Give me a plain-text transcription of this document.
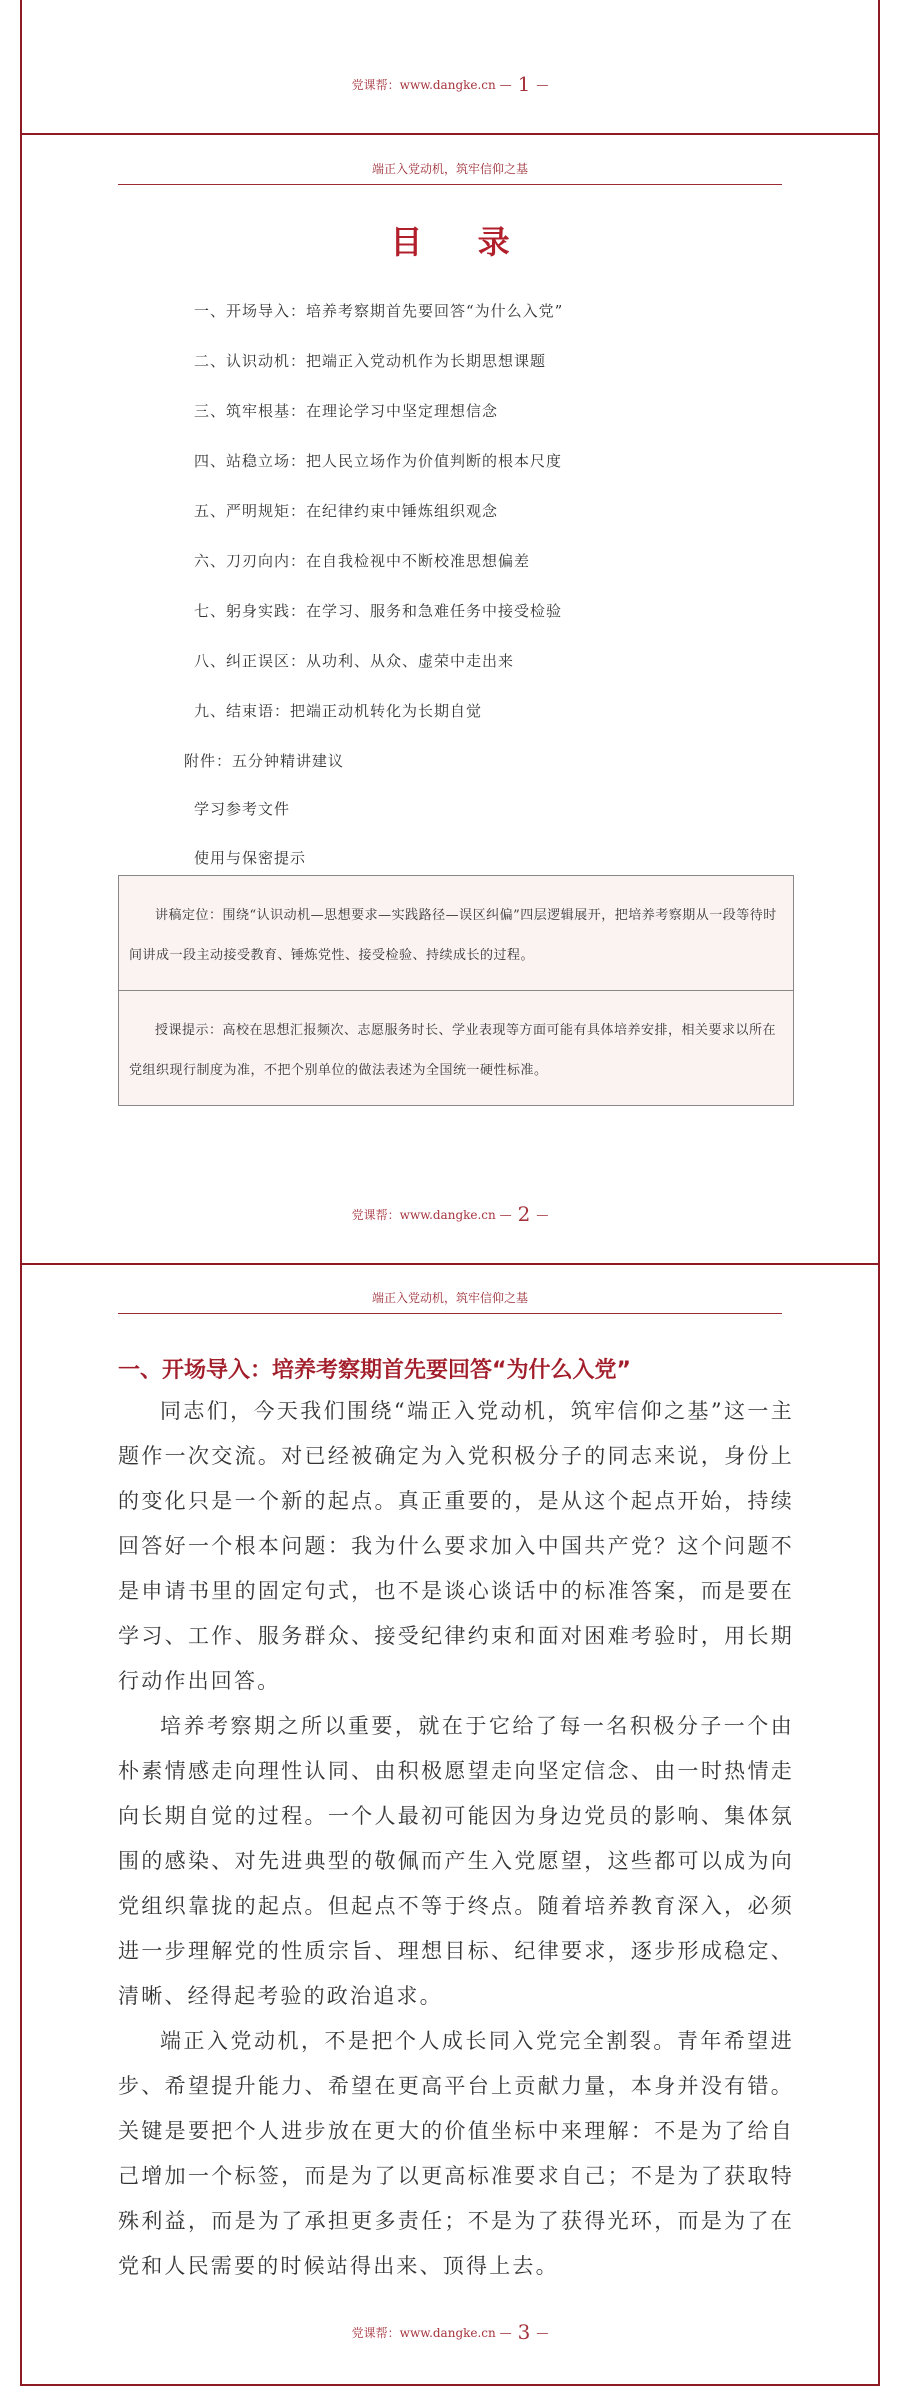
党课帮：www.dangke.cn — 1 —
端正入党动机，筑牢信仰之基
目 录
一、开场导入：培养考察期首先要回答“为什么入党”
二、认识动机：把端正入党动机作为长期思想课题
三、筑牢根基：在理论学习中坚定理想信念
四、站稳立场：把人民立场作为价值判断的根本尺度
五、严明规矩：在纪律约束中锤炼组织观念
六、刀刃向内：在自我检视中不断校准思想偏差
七、躬身实践：在学习、服务和急难任务中接受检验
八、纠正误区：从功利、从众、虚荣中走出来
九、结束语：把端正动机转化为长期自觉
附件：五分钟精讲建议
学习参考文件
使用与保密提示
讲稿定位：围绕“认识动机—思想要求—实践路径—误区纠偏”四层逻辑展开，把培养考察期从一段等待时间讲成一段主动接受教育、锤炼党性、接受检验、持续成长的过程。
授课提示：高校在思想汇报频次、志愿服务时长、学业表现等方面可能有具体培养安排，相关要求以所在党组织现行制度为准，不把个别单位的做法表述为全国统一硬性标准。
党课帮：www.dangke.cn — 2 —
端正入党动机，筑牢信仰之基
一、开场导入：培养考察期首先要回答“为什么入党”

同志们，今天我们围绕“端正入党动机，筑牢信仰之基”这一主题作一次交流。对已经被确定为入党积极分子的同志来说，身份上的变化只是一个新的起点。真正重要的，是从这个起点开始，持续回答好一个根本问题：我为什么要求加入中国共产党？这个问题不是申请书里的固定句式，也不是谈心谈话中的标准答案，而是要在学习、工作、服务群众、接受纪律约束和面对困难考验时，用长期行动作出回答。

培养考察期之所以重要，就在于它给了每一名积极分子一个由朴素情感走向理性认同、由积极愿望走向坚定信念、由一时热情走向长期自觉的过程。一个人最初可能因为身边党员的影响、集体氛围的感染、对先进典型的敬佩而产生入党愿望，这些都可以成为向党组织靠拢的起点。但起点不等于终点。随着培养教育深入，必须进一步理解党的性质宗旨、理想目标、纪律要求，逐步形成稳定、清晰、经得起考验的政治追求。

端正入党动机，不是把个人成长同入党完全割裂。青年希望进步、希望提升能力、希望在更高平台上贡献力量，本身并没有错。关键是要把个人进步放在更大的价值坐标中来理解：不是为了给自己增加一个标签，而是为了以更高标准要求自己；不是为了获取特殊利益，而是为了承担更多责任；不是为了获得光环，而是为了在党和人民需要的时候站得出来、顶得上去。

党课帮：www.dangke.cn — 3 —
